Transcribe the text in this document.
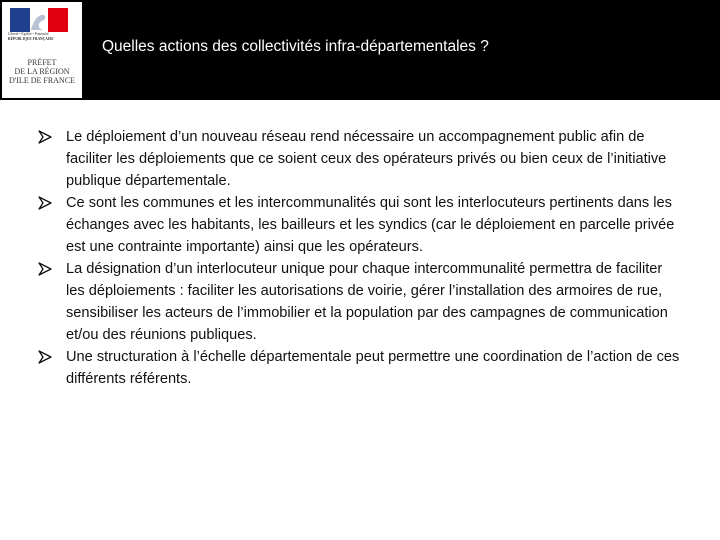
Liberté • Égalité • Fraternité
RÉPUBLIQUE FRANÇAISE
PRÉFET
DE LA RÉGION
D'ILE DE FRANCE
Quelles actions des collectivités infra-départementales ?
Le déploiement d’un nouveau réseau rend nécessaire un accompagnement public afin de faciliter les déploiements que ce soient ceux des opérateurs privés ou bien ceux de l’initiative publique départementale.
Ce sont les communes et les intercommunalités qui sont les interlocuteurs pertinents dans les échanges avec les habitants, les bailleurs et les syndics (car le déploiement en parcelle privée est une contrainte importante) ainsi que les opérateurs.
La désignation d’un interlocuteur unique pour chaque intercommunalité permettra de faciliter les déploiements : faciliter les autorisations de voirie, gérer l’installation des armoires de rue, sensibiliser les acteurs de l’immobilier et la population par des campagnes de communication et/ou des réunions publiques.
Une structuration à l’échelle départementale peut permettre une coordination de l’action de ces différents référents.
